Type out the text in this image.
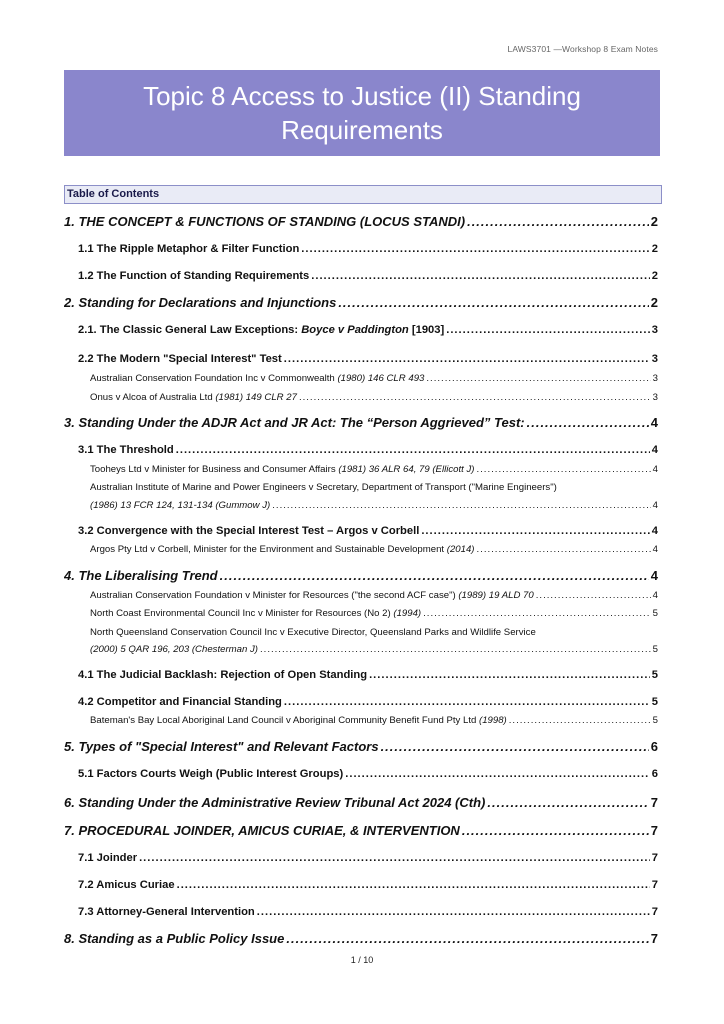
LAWS3701 —Workshop 8 Exam Notes
Topic 8 Access to Justice (II) Standing Requirements
Table of Contents
1. THE CONCEPT & FUNCTIONS OF STANDING (LOCUS STANDI) .....	2
1.1 The Ripple Metaphor & Filter Function .....	2
1.2 The Function of Standing Requirements .....	2
2. Standing for Declarations and Injunctions .....	2
2.1. The Classic General Law Exceptions: Boyce v Paddington [1903] .....	3
2.2 The Modern "Special Interest" Test .....	3
Australian Conservation Foundation Inc v Commonwealth (1980) 146 CLR 493 .....	3
Onus v Alcoa of Australia Ltd (1981) 149 CLR 27 .....	3
3. Standing Under the ADJR Act and JR Act: The “Person Aggrieved” Test: .....	4
3.1 The Threshold .....	4
Tooheys Ltd v Minister for Business and Consumer Affairs (1981) 36 ALR 64, 79 (Ellicott J) .....	4
Australian Institute of Marine and Power Engineers v Secretary, Department of Transport ("Marine Engineers")
(1986) 13 FCR 124, 131-134 (Gummow J) .....	4
3.2 Convergence with the Special Interest Test – Argos v Corbell .....	4
Argos Pty Ltd v Corbell, Minister for the Environment and Sustainable Development (2014) .....	4
4. The Liberalising Trend .....	4
Australian Conservation Foundation v Minister for Resources ("the second ACF case") (1989) 19 ALD 70 .....	4
North Coast Environmental Council Inc v Minister for Resources (No 2) (1994) .....	5
North Queensland Conservation Council Inc v Executive Director, Queensland Parks and Wildlife Service
(2000) 5 QAR 196, 203 (Chesterman J) .....	5
4.1 The Judicial Backlash: Rejection of Open Standing .....	5
4.2 Competitor and Financial Standing .....	5
Bateman's Bay Local Aboriginal Land Council v Aboriginal Community Benefit Fund Pty Ltd (1998) .....	5
5. Types of "Special Interest" and Relevant Factors .....	6
5.1 Factors Courts Weigh (Public Interest Groups) .....	6
6. Standing Under the Administrative Review Tribunal Act 2024 (Cth) .....	7
7. PROCEDURAL JOINDER, AMICUS CURIAE, & INTERVENTION .....	7
7.1 Joinder .....	7
7.2 Amicus Curiae .....	7
7.3 Attorney-General Intervention .....	7
8. Standing as a Public Policy Issue .....	7
1 / 10
